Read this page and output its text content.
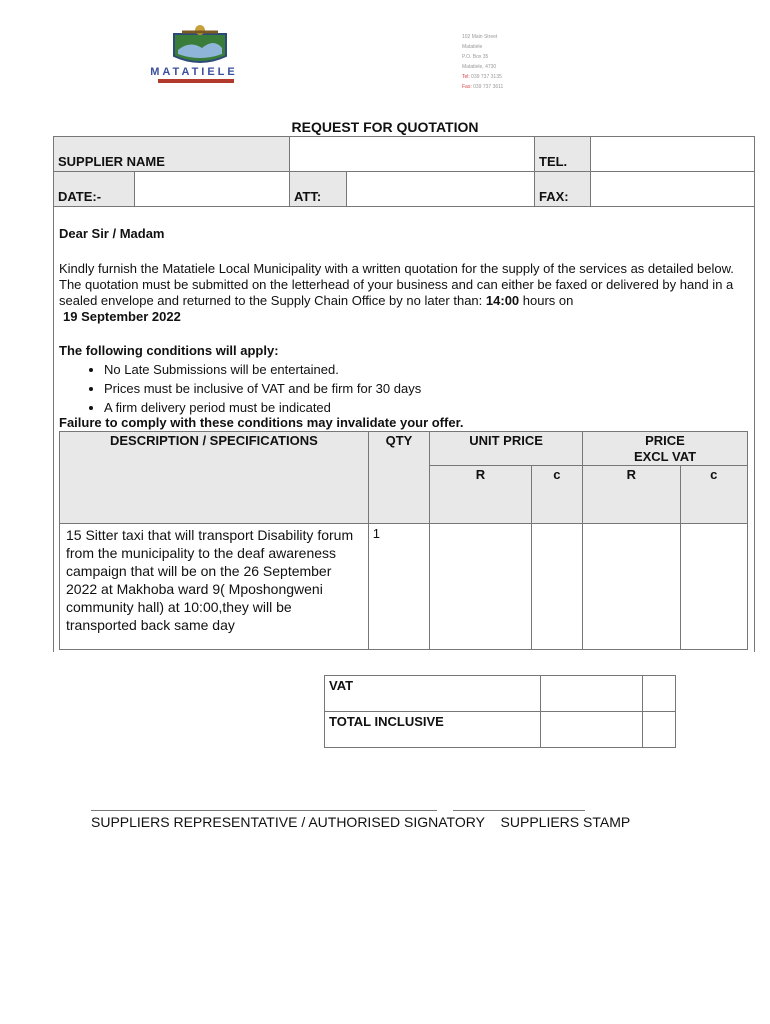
MATATIELE
102 Main Street
Matatiele
P.O. Box 35
Matatiele, 4730
Tel: 039 737 3135
Fax: 039 737 3611
REQUEST FOR QUOTATION
SUPPLIER NAME				TEL.	
DATE:-		ATT:		FAX:	
Dear Sir / Madam
Kindly furnish the Matatiele Local Municipality with a written quotation for the supply of the services as detailed below. The quotation must be submitted on the letterhead of your business and can either be faxed or delivered by hand in a sealed envelope and returned to the Supply Chain Office by no later than: 14:00 hours on
19 September 2022
The following conditions will apply:
• No Late Submissions will be entertained.
• Prices must be inclusive of VAT and be firm for 30 days
• A firm delivery period must be indicated
Failure to comply with these conditions may invalidate your offer.
DESCRIPTION / SPECIFICATIONS	QTY	UNIT PRICE		PRICE
EXCL VAT	
		R	c	R	c
15 Sitter taxi that will transport Disability forum from the municipality to the deaf awareness campaign that will be on the 26 September 2022 at Makhoba ward 9( Mposhongweni community hall) at 10:00,they will be transported back same day	1				
VAT		
TOTAL INCLUSIVE		
SUPPLIERS REPRESENTATIVE / AUTHORISED SIGNATORY SUPPLIERS STAMP
